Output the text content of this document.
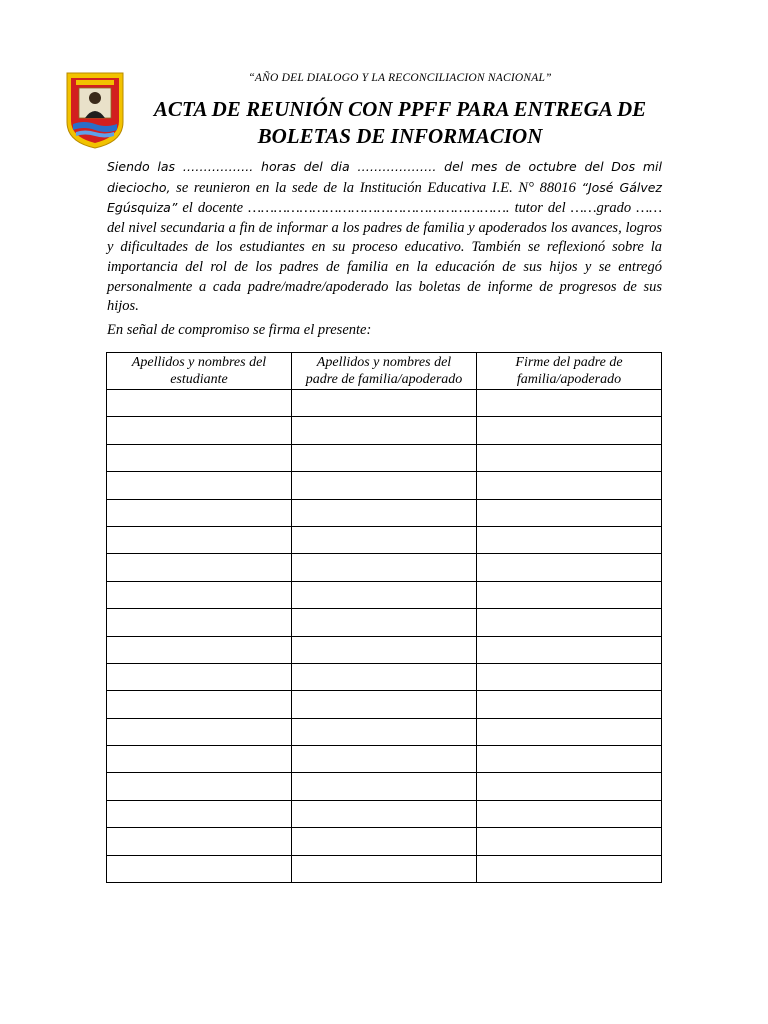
“AÑO DEL DIALOGO Y LA RECONCILIACION NACIONAL”
ACTA DE REUNIÓN CON PPFF PARA ENTREGA DE
BOLETAS DE INFORMACION

Siendo las …………….. horas del dia ………………. del mes de octubre del Dos mil dieciocho, se reunieron en la sede de la Institución Educativa I.E. N° 88016 “José Gálvez Egúsquiza” el docente ……………………………………………………. tutor del ……grado …… del nivel secundaria a fin de informar a los padres de familia y apoderados los avances, logros y dificultades de los estudiantes en su proceso educativo. También se reflexionó sobre la importancia del rol de los padres de familia en la educación de sus hijos y se entregó personalmente a cada padre/madre/apoderado las boletas de informe de progresos de sus hijos.

En señal de compromiso se firma el presente:
Apellidos y nombres del estudiante	Apellidos y nombres del padre de familia/apoderado	Firme del padre de familia/apoderado
